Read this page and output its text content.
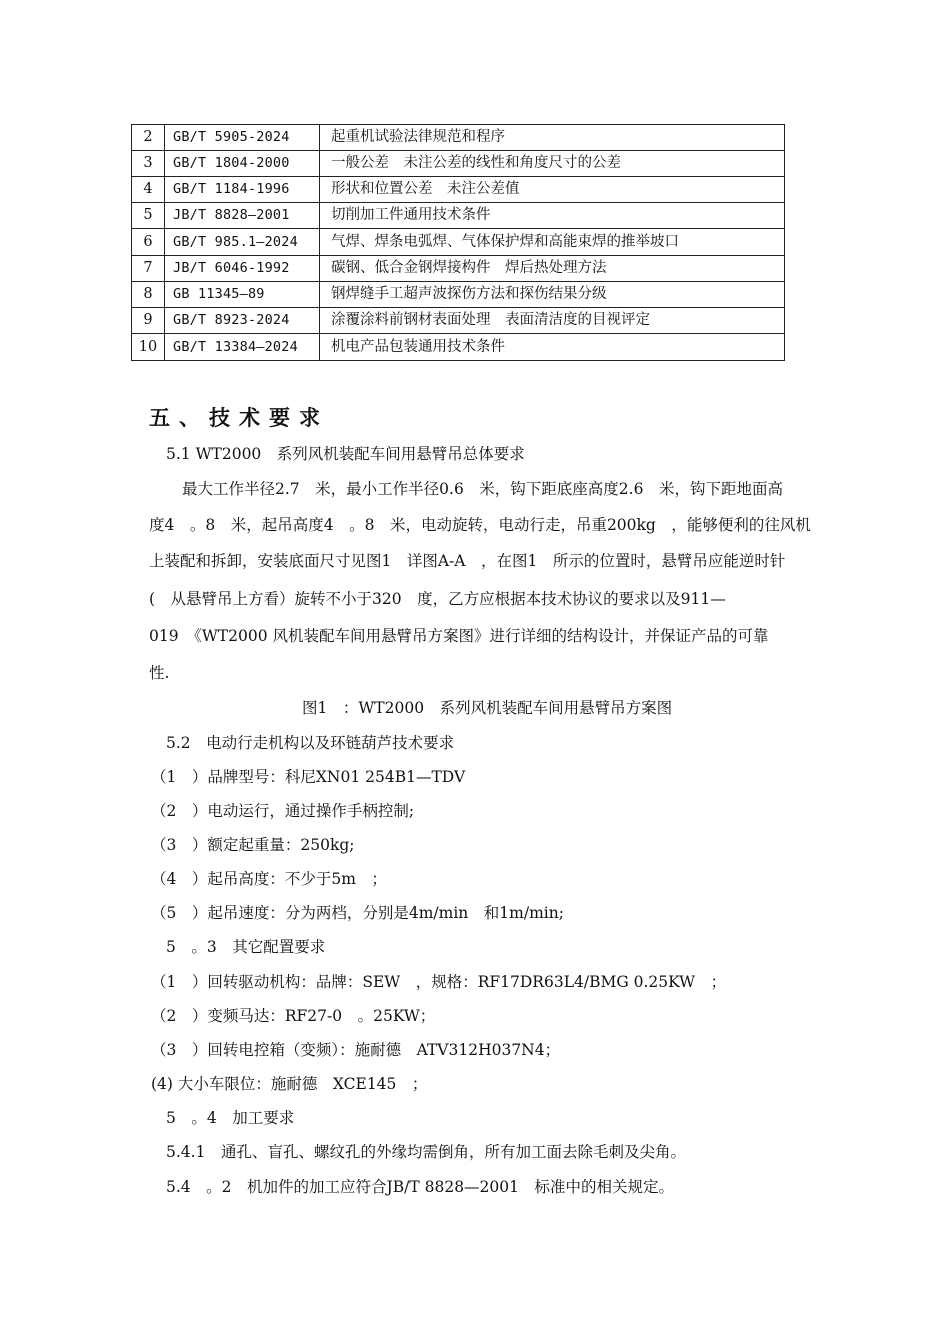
2	GB/T 5905-2024	起重机试验法律规范和程序
3	GB/T 1804-2000	一般公差　未注公差的线性和角度尺寸的公差
4	GB/T 1184-1996	形状和位置公差　未注公差值
5	JB/T 8828—2001	切削加工件通用技术条件
6	GB/T 985.1—2024	气焊、焊条电弧焊、气体保护焊和高能束焊的推举坡口
7	JB/T 6046-1992	碳钢、低合金钢焊接构件　焊后热处理方法
8	GB 11345—89	钢焊缝手工超声波探伤方法和探伤结果分级
9	GB/T 8923-2024	涂覆涂料前钢材表面处理　表面清洁度的目视评定
10	GB/T 13384—2024	机电产品包装通用技术条件
五、技术要求
5.1 WT2000　系列风机装配车间用悬臂吊总体要求
最大工作半径2.7　米，最小工作半径0.6　米，钩下距底座高度2.6　米，钩下距地面高
度4　。8　米，起吊高度4　。8　米，电动旋转，电动行走，吊重200kg　，能够便利的往风机
上装配和拆卸，安装底面尺寸见图1　详图A-A　，在图1　所示的位置时，悬臂吊应能逆时针
(　从悬臂吊上方看）旋转不小于320　度，乙方应根据本技术协议的要求以及911—
019　《WT2000 风机装配车间用悬臂吊方案图》进行详细的结构设计，并保证产品的可靠
性.
图1　：WT2000　系列风机装配车间用悬臂吊方案图
5.2　电动行走机构以及环链葫芦技术要求
（1　）品牌型号：科尼XN01 254B1—TDV
（2　）电动运行，通过操作手柄控制;
（3　）额定起重量：250kg;
（4　）起吊高度：不少于5m　；
（5　）起吊速度：分为两档，分别是4m/min　和1m/min;
5　。3　其它配置要求
（1　）回转驱动机构：品牌：SEW　，规格：RF17DR63L4/BMG 0.25KW　；
（2　）变频马达：RF27-0　。25KW；
（3　）回转电控箱（变频）：施耐德　ATV312H037N4；
(4) 大小车限位：施耐德　XCE145　；
5　。4　加工要求
5.4.1　通孔、盲孔、螺纹孔的外缘均需倒角，所有加工面去除毛刺及尖角。
5.4　。2　机加件的加工应符合JB/T 8828—2001　标准中的相关规定。
